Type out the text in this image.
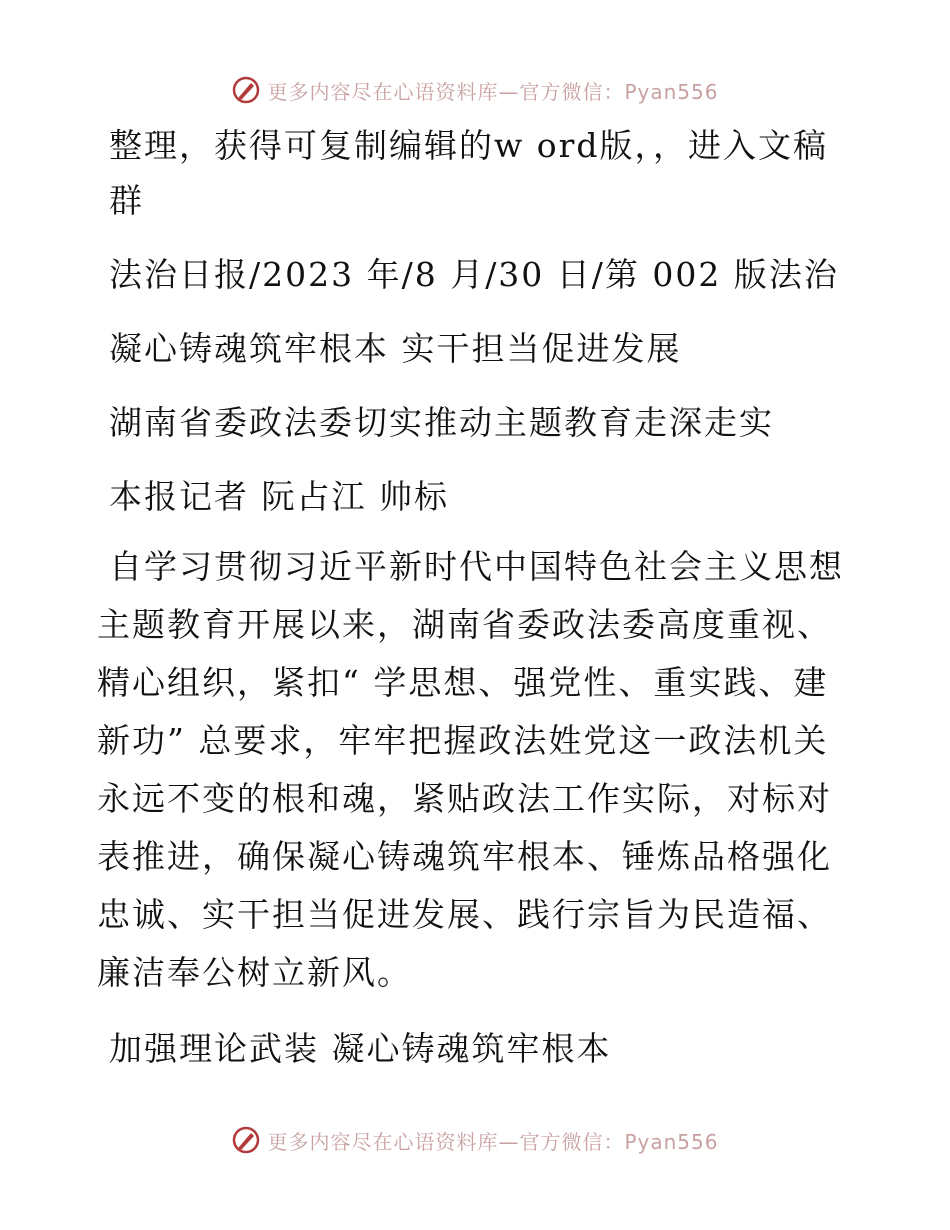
更多内容尽在心语资料库—官方微信：Pyan556

整理，获得可复制编辑的w ord版，，进入文稿群

法治日报/2023 年/8 月/30 日/第 002 版法治

凝心铸魂筑牢根本 实干担当促进发展

湖南省委政法委切实推动主题教育走深走实

本报记者 阮占江 帅标

自学习贯彻习近平新时代中国特色社会主义思想主题教育开展以来，湖南省委政法委高度重视、精心组织，紧扣“ 学思想、强党性、重实践、建新功” 总要求，牢牢把握政法姓党这一政法机关永远不变的根和魂，紧贴政法工作实际，对标对表推进，确保凝心铸魂筑牢根本、锤炼品格强化忠诚、实干担当促进发展、践行宗旨为民造福、廉洁奉公树立新风。

加强理论武装 凝心铸魂筑牢根本

更多内容尽在心语资料库—官方微信：Pyan556
